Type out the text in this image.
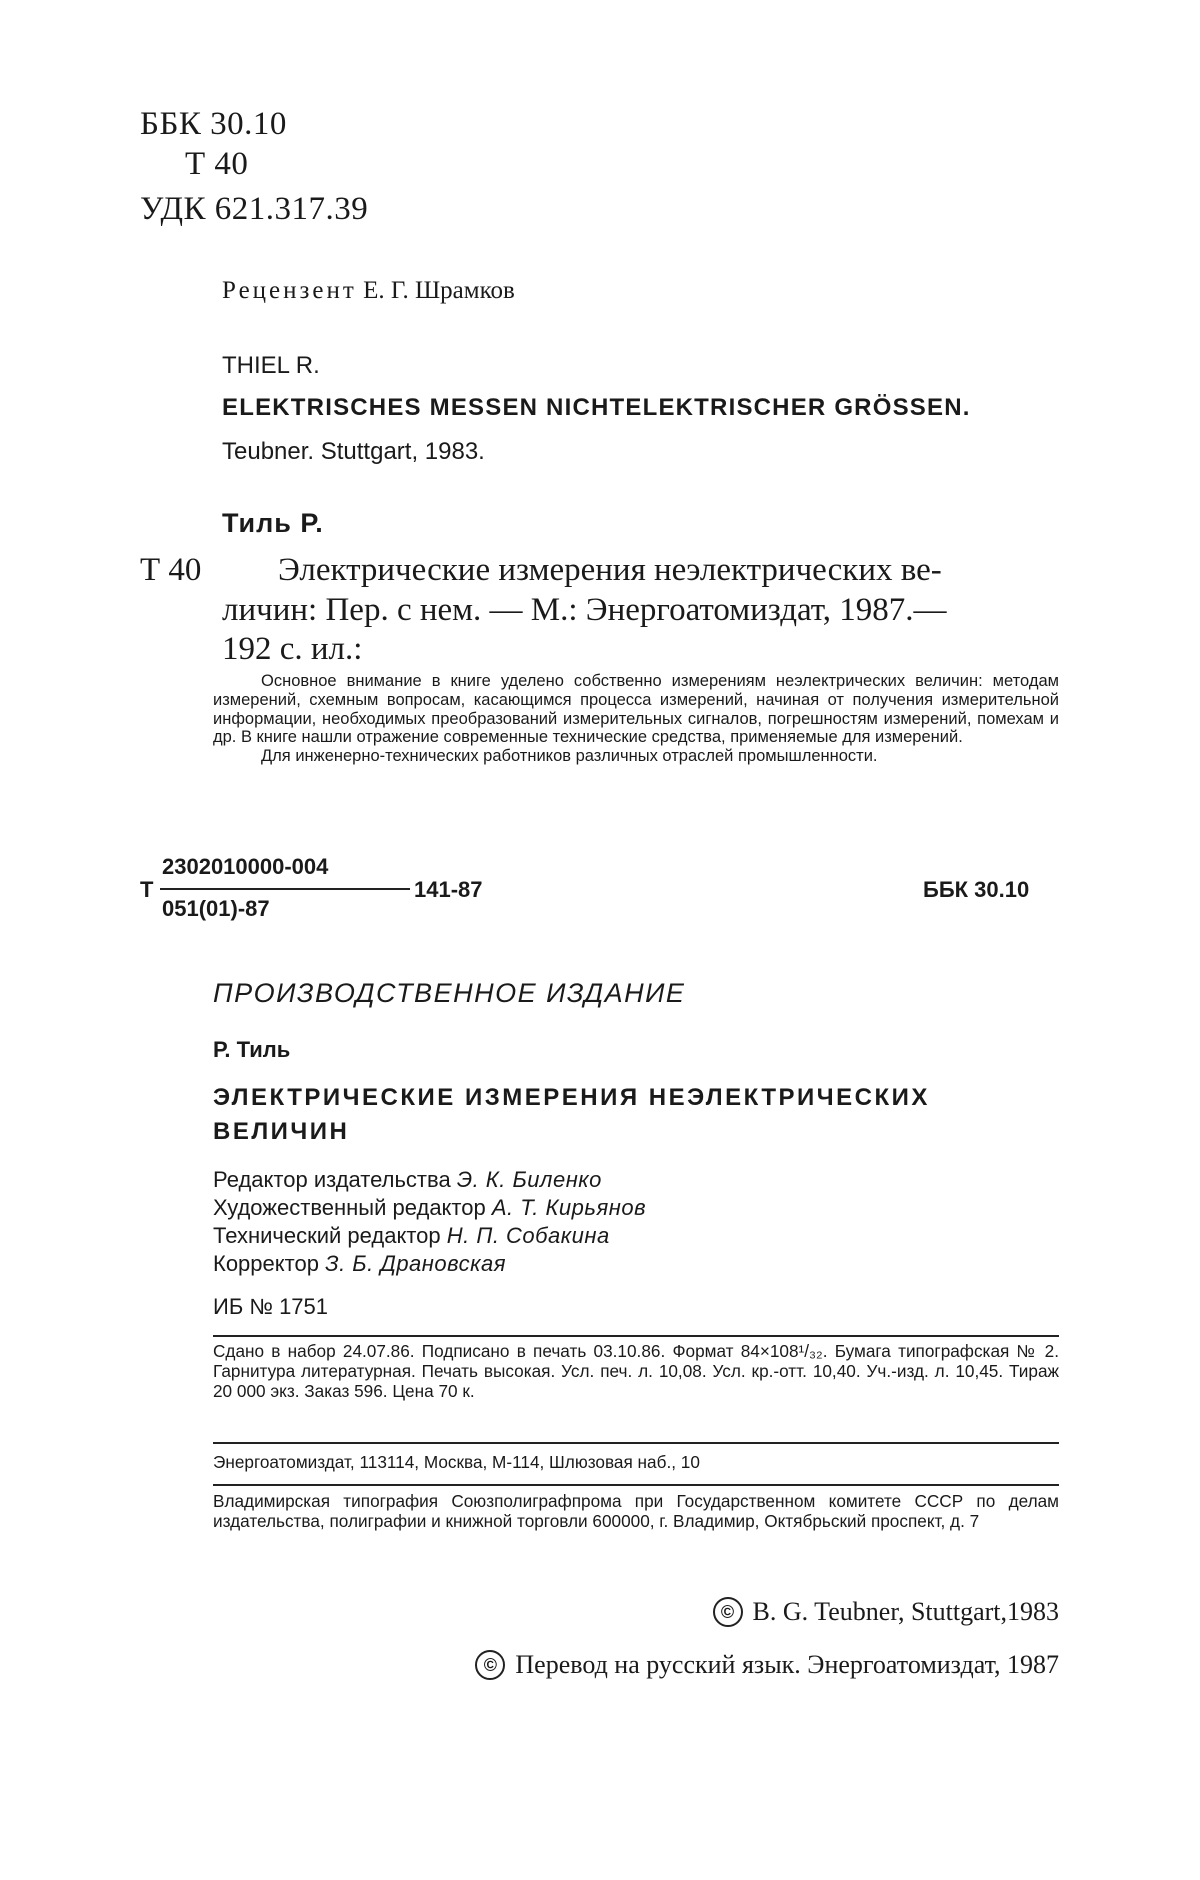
ББК 30.10
Т 40
УДК 621.317.39
Рецензент Е. Г. Шрамков
THIEL R.
ELEKTRISCHES MESSEN NICHTELEKTRISCHER GRÖSSEN.
Teubner. Stuttgart, 1983.
Тиль Р.
Т 40 Электрические измерения неэлектрических ве-
личин: Пер. с нем. — М.: Энергоатомиздат, 1987.—
192 с. ил.:

Основное внимание в книге уделено собственно измерениям неэлектрических величин: методам измерений, схемным вопросам, касающимся процесса измерений, начиная от получения измерительной информации, необходимых преобразований измерительных сигналов, погрешностям измерений, помехам и др. В книге нашли отражение современные технические средства, применяемые для измерений.

Для инженерно-технических работников различных отраслей промышленности.

Т
2302010000-004
051(01)-87
141-87	ББК 30.10
ПРОИЗВОДСТВЕННОЕ ИЗДАНИЕ
Р. Тиль
ЭЛЕКТРИЧЕСКИЕ ИЗМЕРЕНИЯ НЕЭЛЕКТРИЧЕСКИХ
ВЕЛИЧИН
Редактор издательства Э. К. Биленко
Художественный редактор А. Т. Кирьянов
Технический редактор Н. П. Собакина
Корректор З. Б. Драновская
ИБ № 1751

Сдано в набор 24.07.86. Подписано в печать 03.10.86. Формат 84×108¹/₃₂. Бумага типографская № 2. Гарнитура литературная. Печать высокая. Усл. печ. л. 10,08. Усл. кр.-отт. 10,40. Уч.-изд. л. 10,45. Тираж 20 000 экз. Заказ 596. Цена 70 к.

Энергоатомиздат, 113114, Москва, М-114, Шлюзовая наб., 10

Владимирская типография Союзполиграфпрома при Государственном комитете СССР по делам издательства, полиграфии и книжной торговли 600000, г. Владимир, Октябрьский проспект, д. 7

© B. G. Teubner, Stuttgart,1983
© Перевод на русский язык. Энергоатомиздат, 1987
